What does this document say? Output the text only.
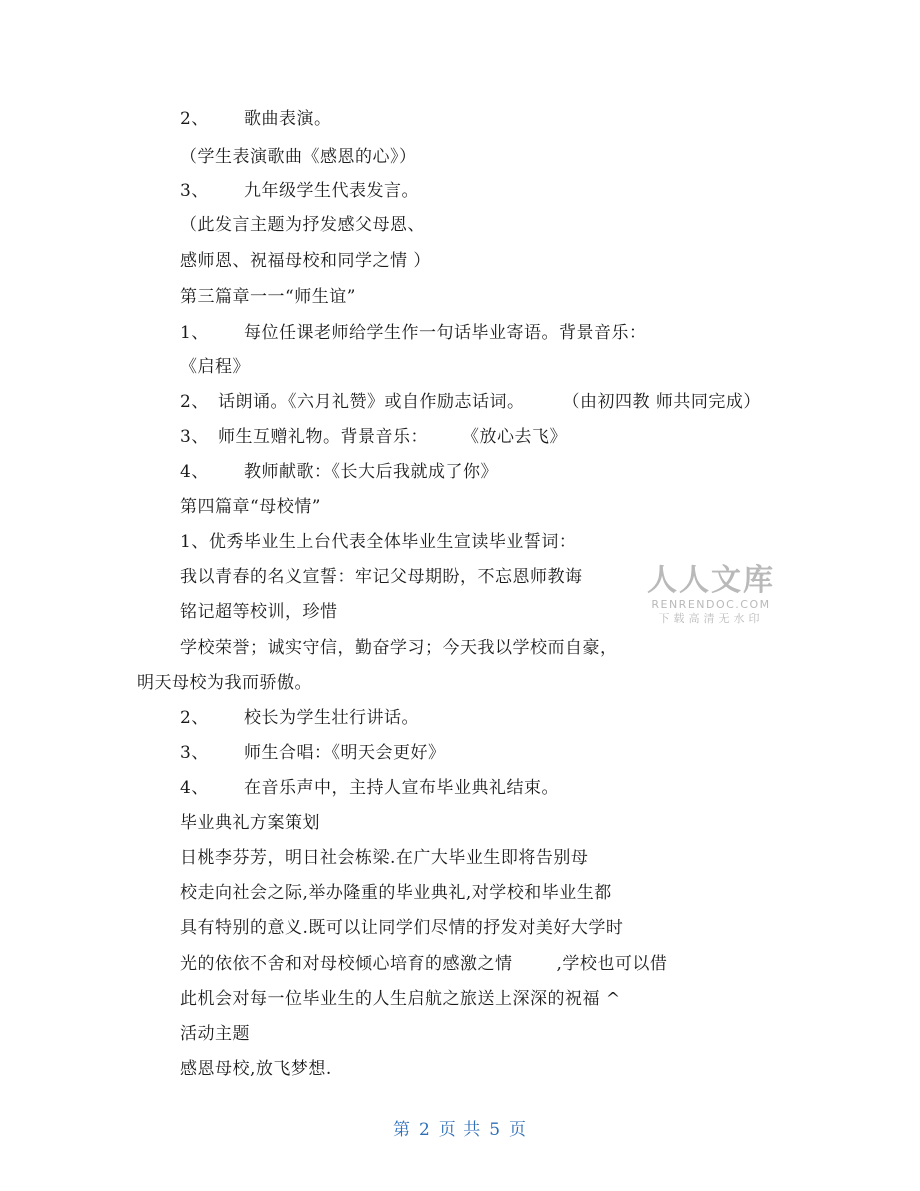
2、 歌曲表演。
（学生表演歌曲《感恩的心》）
3、 九年级学生代表发言。
（此发言主题为抒发感父母恩、
感师恩、祝福母校和同学之情 ）
第三篇章一一“师生谊”
1、 每位任课老师给学生作一句话毕业寄语。背景音乐：
《启程》
2、 话朗诵。《六月礼赞》或自作励志话词。 （由初四教 师共同完成）
3、 师生互赠礼物。背景音乐： 《放心去飞》
4、 教师献歌：《长大后我就成了你》
第四篇章“母校情”
1、优秀毕业生上台代表全体毕业生宣读毕业誓词：
我以青春的名义宣誓：牢记父母期盼，不忘恩师教诲
铭记超等校训，珍惜
学校荣誉；诚实守信，勤奋学习；今天我以学校而自豪，
明天母校为我而骄傲。
2、 校长为学生壮行讲话。
3、 师生合唱：《明天会更好》
4、 在音乐声中，主持人宣布毕业典礼结束。
毕业典礼方案策划
日桃李芬芳，明日社会栋梁.在广大毕业生即将告别母
校走向社会之际,举办隆重的毕业典礼,对学校和毕业生都
具有特别的意义.既可以让同学们尽情的抒发对美好大学时
光的依依不舍和对母校倾心培育的感激之情	,学校也可以借
此机会对每一位毕业生的人生启航之旅送上深深的祝福 ^
活动主题
感恩母校,放飞梦想.
人人文库
RENRENDOC.COM
下载高清无水印
第 2 页 共 5 页
